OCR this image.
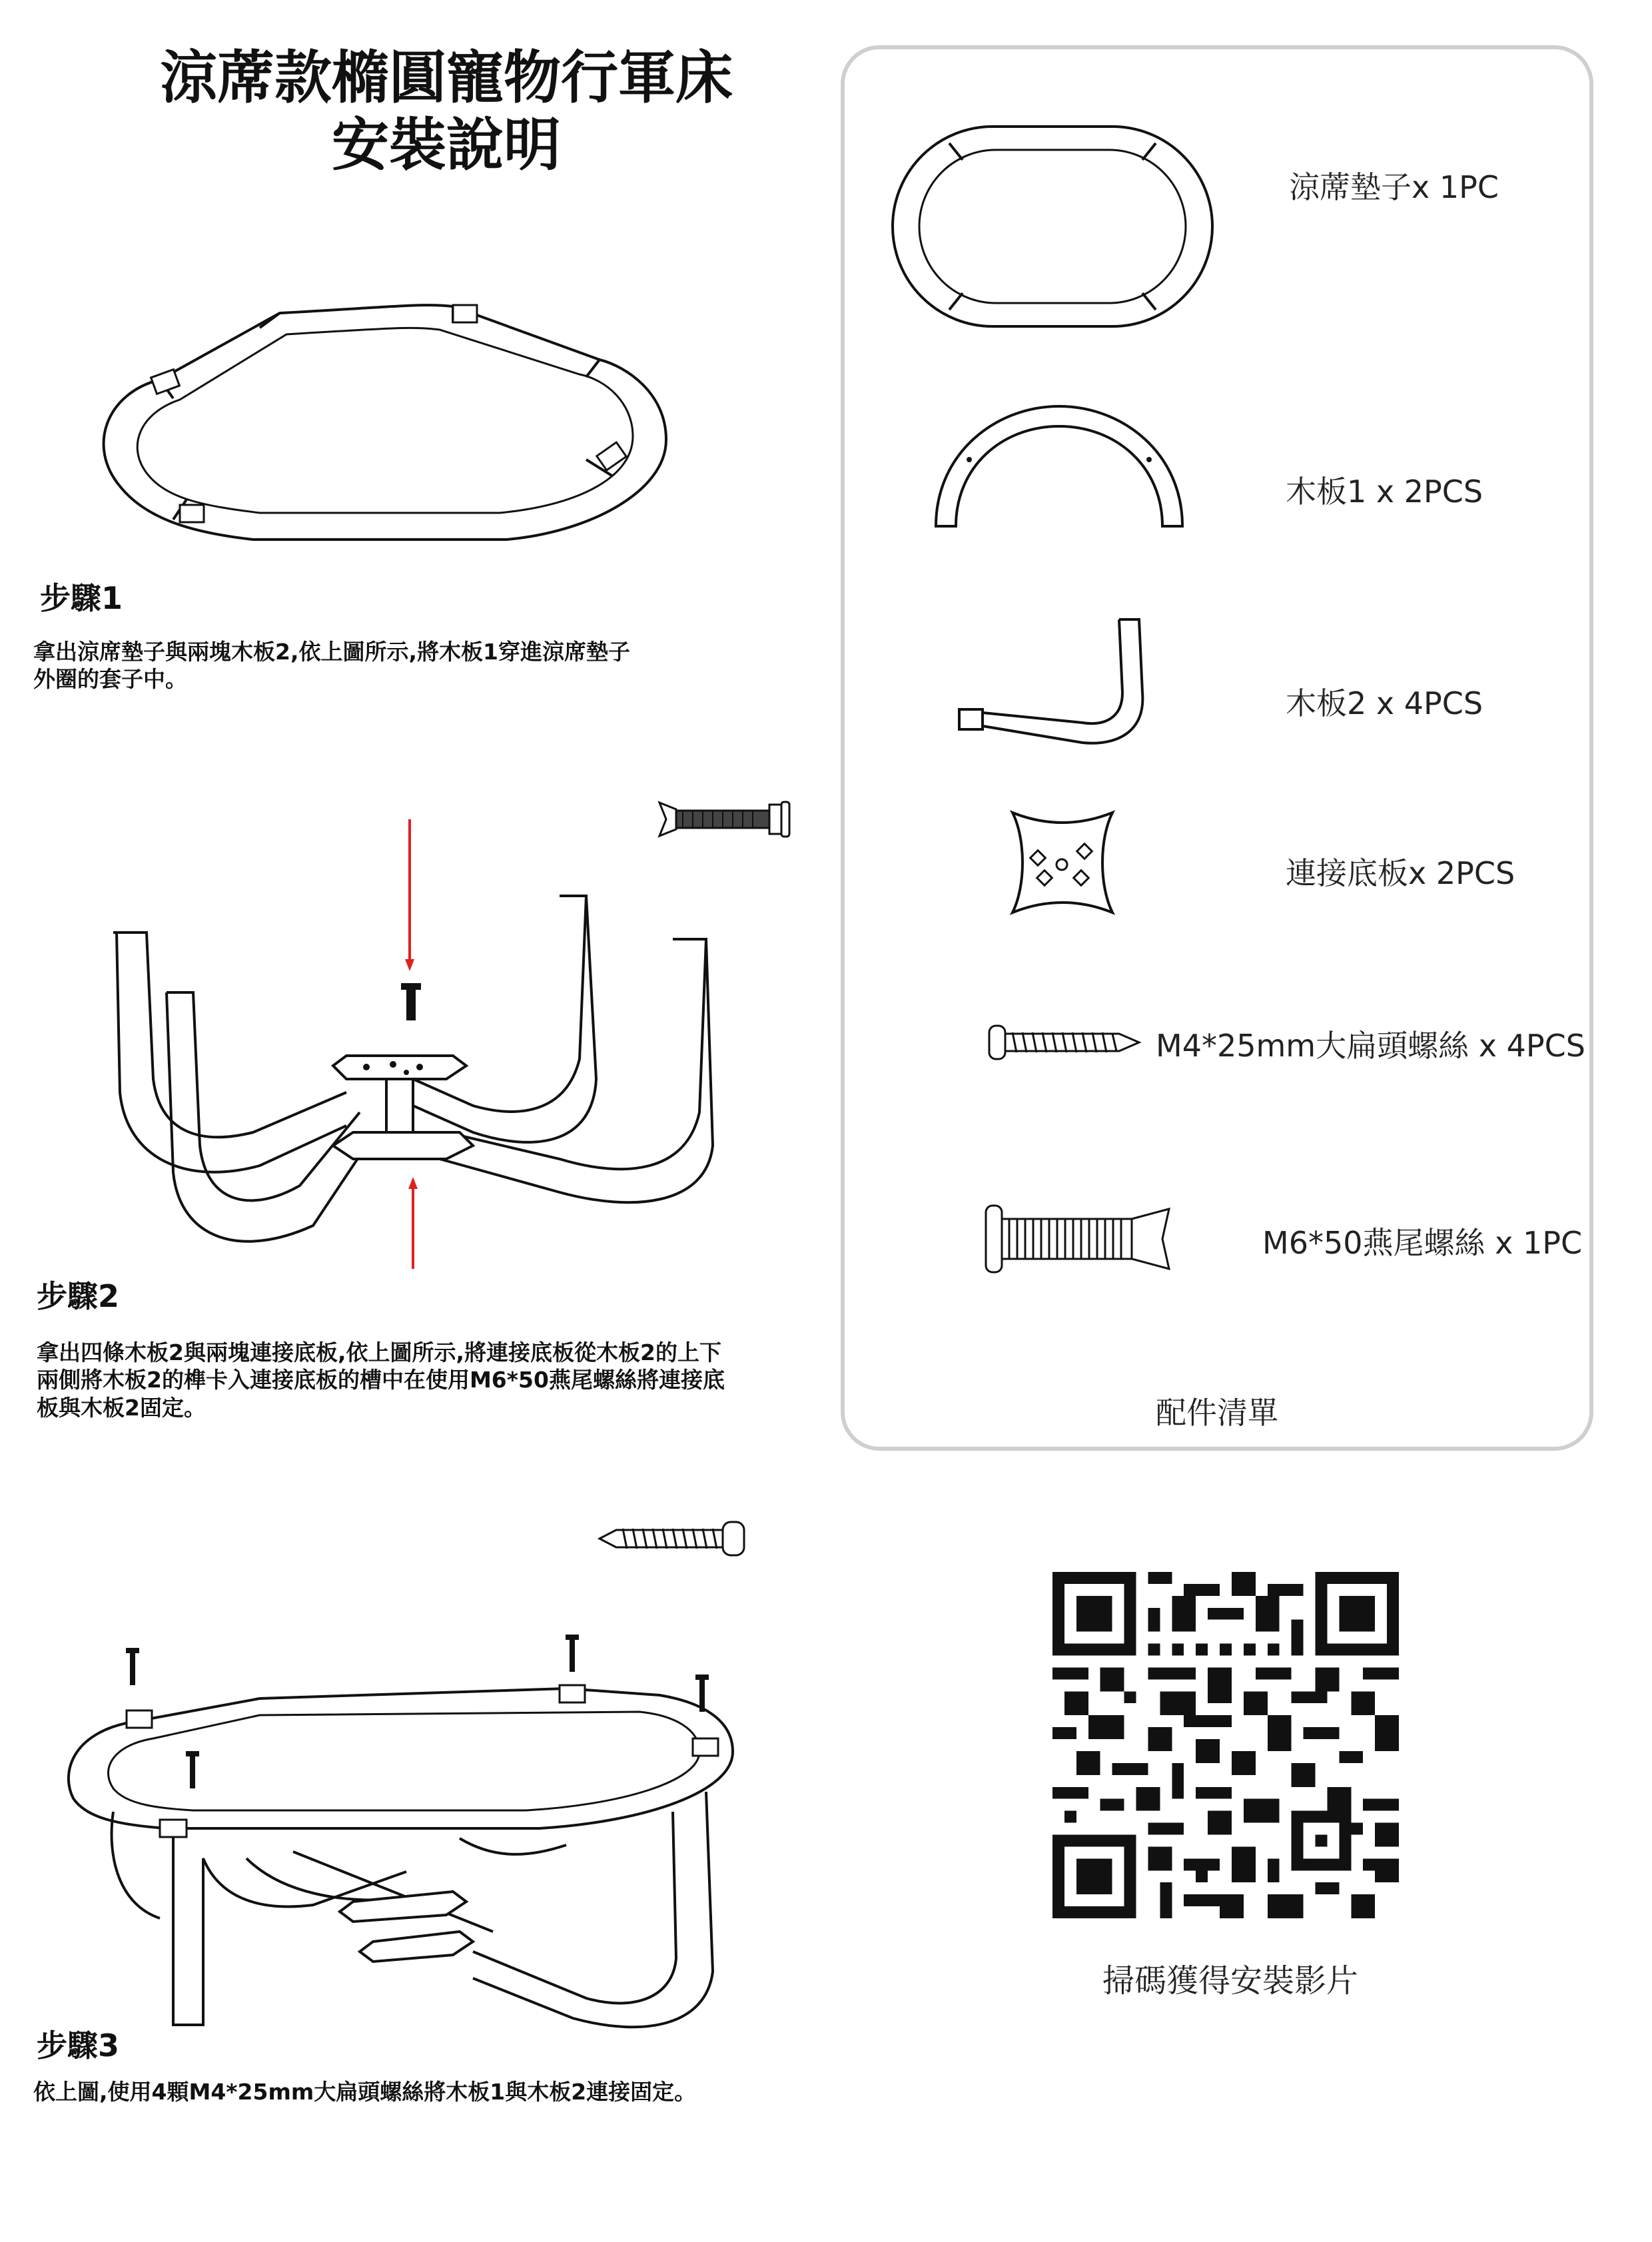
涼蓆款橢圓寵物行軍床
安裝說明
步驟1
拿出涼席墊子與兩塊木板2,依上圖所示,將木板1穿進涼席墊子
外圈的套子中。
步驟2
拿出四條木板2與兩塊連接底板,依上圖所示,將連接底板從木板2的上下
兩側將木板2的榫卡入連接底板的槽中在使用M6*50燕尾螺絲將連接底
板與木板2固定。
涼蓆墊子x 1PC
木板1 x 2PCS
木板2 x 4PCS
連接底板x 2PCS
M4*25mm大扁頭螺絲 x 4PCS
M6*50燕尾螺絲 x 1PC
配件清單
步驟3
依上圖,使用4顆M4*25mm大扁頭螺絲將木板1與木板2連接固定。
掃碼獲得安裝影片
